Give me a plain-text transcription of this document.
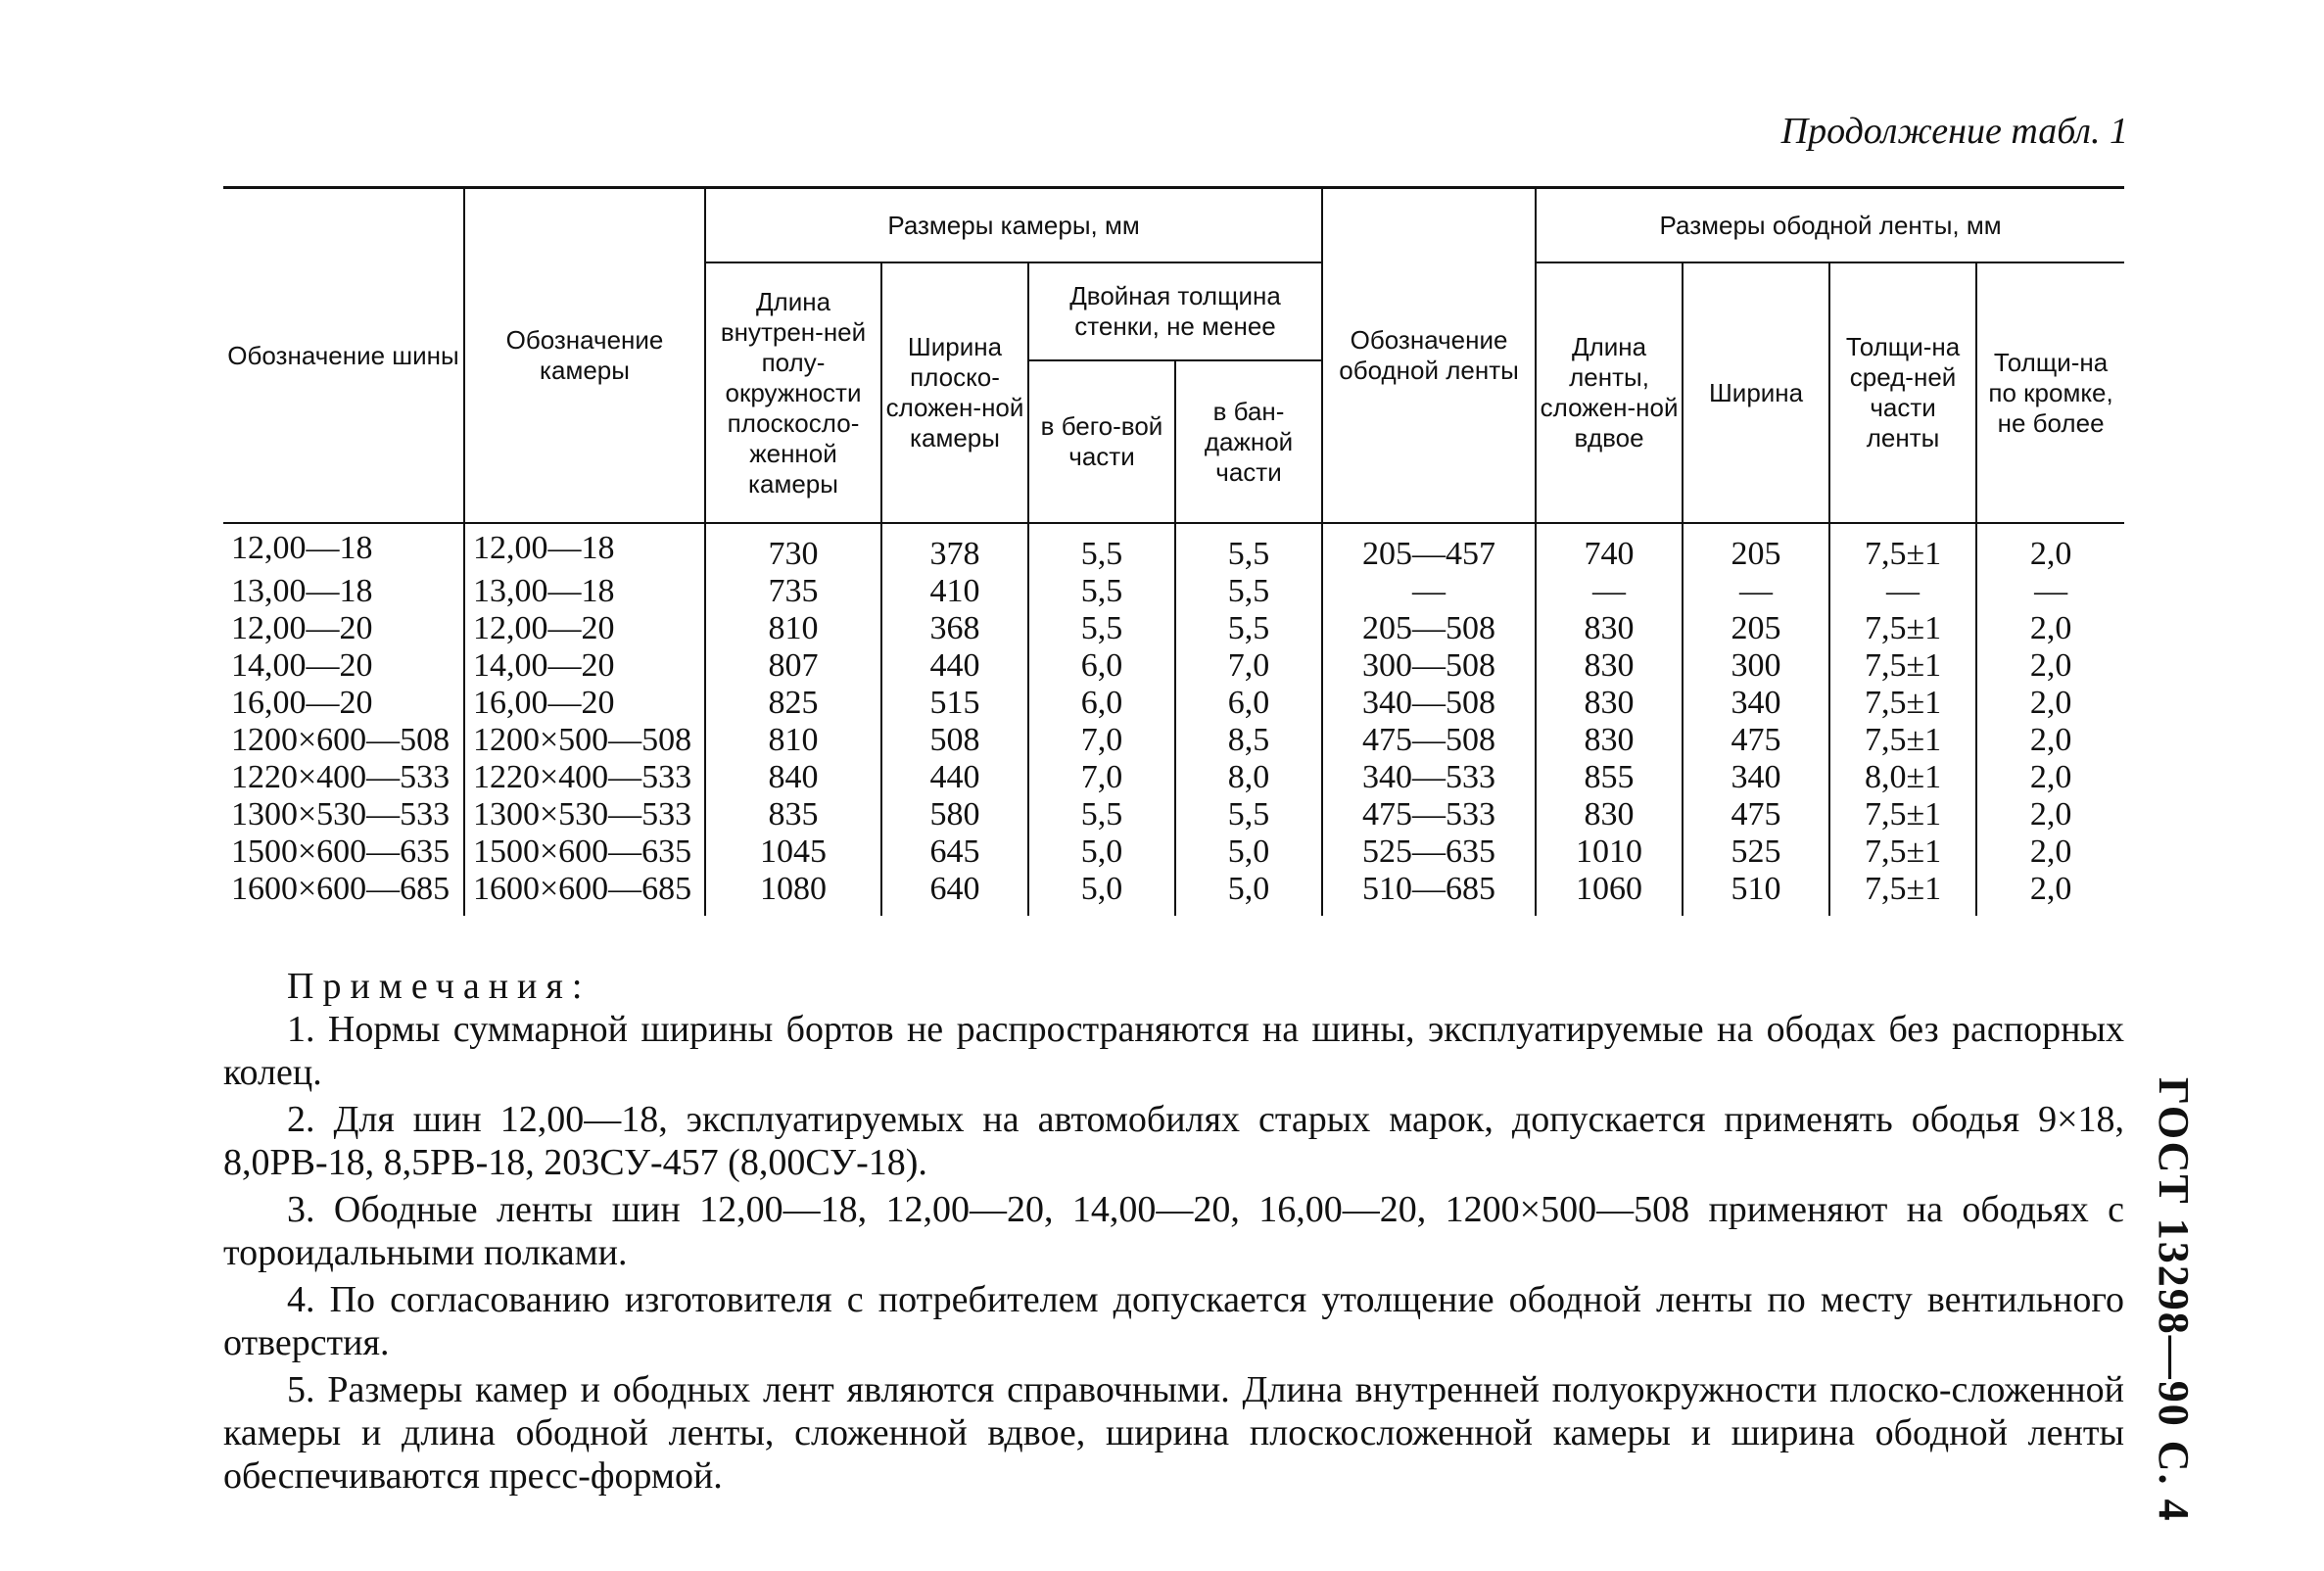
Продолжение табл. 1

Обозначение шины	Обозначение камеры	Размеры камеры, мм				Обозначение ободной ленты	Размеры ободной ленты, мм			
		Длина внутрен-ней полу-окружности плоскосло-женной камеры	Ширина плоско-сложен-ной камеры	Двойная толщина стенки, не менее			Длина ленты, сложен-ной вдвое	Ширина	Толщи-на сред-ней части ленты	Толщи-на по кромке, не более
				в бего-вой части	в бан-дажной части					
12,00—18	12,00—18	730	378	5,5	5,5	205—457	740	205	7,5±1	2,0
13,00—18	13,00—18	735	410	5,5	5,5	—	—	—	—	—
12,00—20	12,00—20	810	368	5,5	5,5	205—508	830	205	7,5±1	2,0
14,00—20	14,00—20	807	440	6,0	7,0	300—508	830	300	7,5±1	2,0
16,00—20	16,00—20	825	515	6,0	6,0	340—508	830	340	7,5±1	2,0
1200×600—508	1200×500—508	810	508	7,0	8,5	475—508	830	475	7,5±1	2,0
1220×400—533	1220×400—533	840	440	7,0	8,0	340—533	855	340	8,0±1	2,0
1300×530—533	1300×530—533	835	580	5,5	5,5	475—533	830	475	7,5±1	2,0
1500×600—635	1500×600—635	1045	645	5,0	5,0	525—635	1010	525	7,5±1	2,0
1600×600—685	1600×600—685	1080	640	5,0	5,0	510—685	1060	510	7,5±1	2,0

Примечания:

1. Нормы суммарной ширины бортов не распространяются на шины, эксплуатируемые на ободах без распорных колец.

2. Для шин 12,00—18, эксплуатируемых на автомобилях старых марок, допускается применять ободья 9×18, 8,0РВ-18, 8,5РВ-18, 203СУ-457 (8,00СУ-18).

3. Ободные ленты шин 12,00—18, 12,00—20, 14,00—20, 16,00—20, 1200×500—508 применяют на ободьях с тороидальными полками.

4. По согласованию изготовителя с потребителем допускается утолщение ободной ленты по месту вентильного отверстия.

5. Размеры камер и ободных лент являются справочными. Длина внутренней полуокружности плоско-сложенной камеры и длина ободной ленты, сложенной вдвое, ширина плоскосложенной камеры и ширина ободной ленты обеспечиваются пресс-формой.	ГОСТ 13298—90 С. 4
